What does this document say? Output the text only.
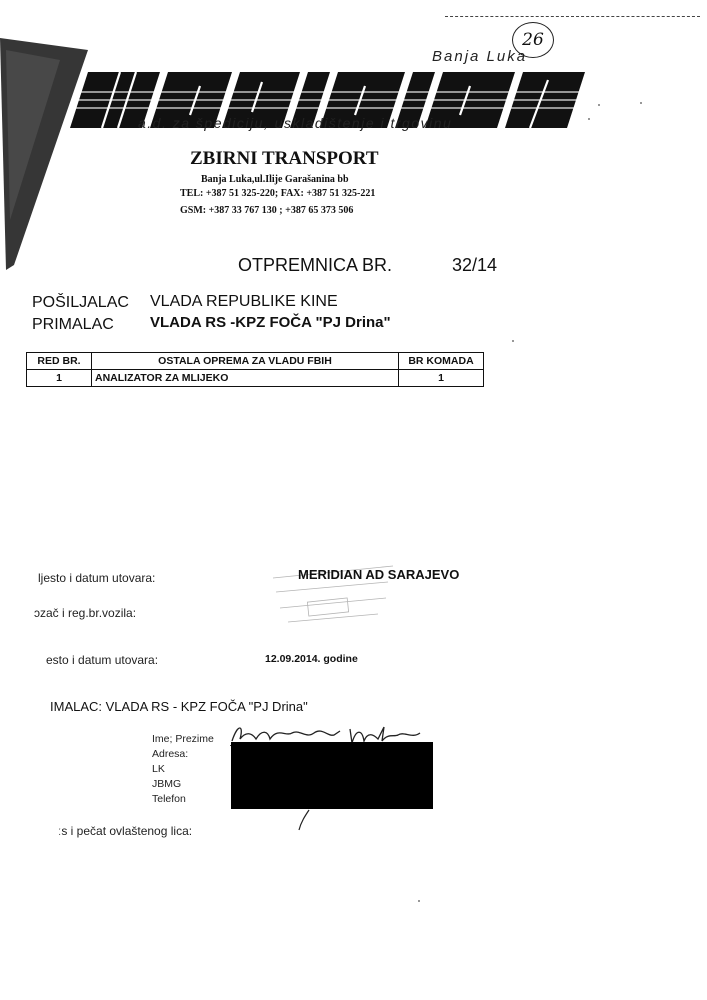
26
Banja Luka
a.d. za špediciju, uskladištenje i trgovinu
ZBIRNI TRANSPORT
Banja Luka,ul.Ilije Garašanina bb
TEL: +387 51 325-220; FAX: +387 51 325-221
GSM: +387 33 767 130 ; +387 65 373 506
OTPREMNICA BR.	32/14
POŠILJALAC VLADA REPUBLIKE KINE
PRIMALAC VLADA RS -KPZ FOČA "PJ Drina"
RED BR.	OSTALA OPREMA ZA VLADU FBIH	BR KOMADA
1	ANALIZATOR ZA MLIJEKO	1
ljesto i datum utovara:	MERIDIAN AD SARAJEVO
ɔzač i reg.br.vozila:
esto i datum utovara:	12.09.2014. godine
IMALAC: VLADA RS - KPZ FOČA "PJ Drina"
Ime; Prezime
Adresa:
LK
JBMG
Telefon
ːs i pečat ovlaštenog lica:
